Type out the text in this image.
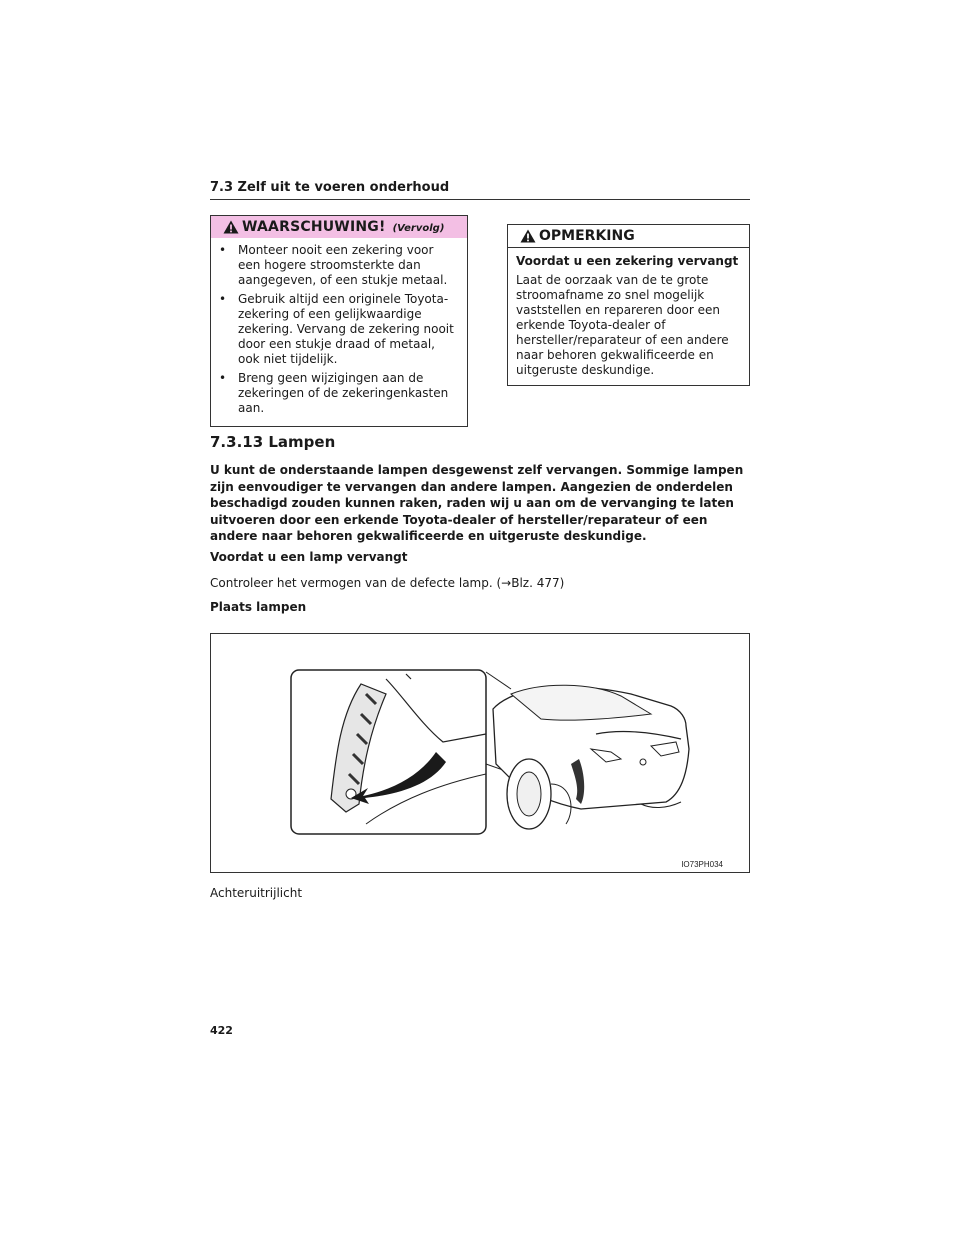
7.3 Zelf uit te voeren onderhoud
WAARSCHUWING! (Vervolg)
• Monteer nooit een zekering voor een hogere stroomsterkte dan aangegeven, of een stukje metaal.
• Gebruik altijd een originele Toyota-zekering of een gelijkwaardige zekering. Vervang de zekering nooit door een stukje draad of metaal, ook niet tijdelijk.
• Breng geen wijzigingen aan de zekeringen of de zekeringenkasten aan.
OPMERKING
Voordat u een zekering vervangt
Laat de oorzaak van de te grote stroomafname zo snel mogelijk vaststellen en repareren door een erkende Toyota-dealer of hersteller/reparateur of een andere naar behoren gekwalificeerde en uitgeruste deskundige.
7.3.13 Lampen
U kunt de onderstaande lampen desgewenst zelf vervangen. Sommige lampen zijn eenvoudiger te vervangen dan andere lampen. Aangezien de onderdelen beschadigd zouden kunnen raken, raden wij u aan om de vervanging te laten uitvoeren door een erkende Toyota-dealer of hersteller/reparateur of een andere naar behoren gekwalificeerde en uitgeruste deskundige.
Voordat u een lamp vervangt
Controleer het vermogen van de defecte lamp. (→Blz. 477)
Plaats lampen
IO73PH034
Achteruitrijlicht
422
